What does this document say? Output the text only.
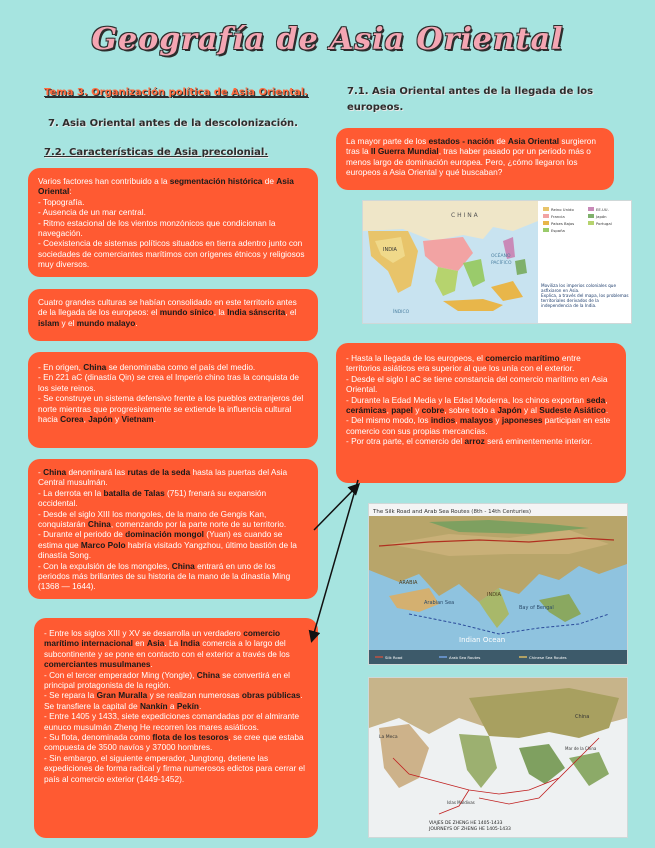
Geografía de Asia Oriental
Tema 3. Organización política de Asia Oriental.
7. Asia Oriental antes de la descolonización.
7.2. Características de Asia precolonial.
7.1. Asia Oriental antes de la llegada de los europeos.

La mayor parte de los estados - nación de Asia Oriental surgieron tras la II Guerra Mundial, tras haber pasado por un periodo más o menos largo de dominación europea. Pero, ¿cómo llegaron los europeos a Asia Oriental y qué buscaban?

Varios factores han contribuido a la segmentación histórica de Asia Oriental:

- Topografía.

- Ausencia de un mar central.

- Ritmo estacional de los vientos monzónicos que condicionan la navegación.

- Coexistencia de sistemas políticos situados en tierra adentro junto con sociedades de comerciantes marítimos con orígenes étnicos y religiosos muy diversos.

Cuatro grandes culturas se habían consolidado en este territorio antes de la llegada de los europeos: el mundo sínico, la India sánscrita, el islam y el mundo malayo.

- En origen, China se denominaba como el país del medio.

- En 221 aC (dinastía Qin) se crea el Imperio chino tras la conquista de los siete reinos.

- Se construye un sistema defensivo frente a los pueblos extranjeros del norte mientras que progresivamente se extiende la influencia cultural hacia Corea, Japón y Vietnam.

- China denominará las rutas de la seda hasta las puertas del Asia Central musulmán.

- La derrota en la batalla de Talas (751) frenará su expansión occidental.

- Desde el siglo XIII los mongoles, de la mano de Gengis Kan, conquistarán China, comenzando por la parte norte de su territorio.

- Durante el periodo de dominación mongol (Yuan) es cuando se estima que Marco Polo habría visitado Yangzhou, último bastión de la dinastía Song.

- Con la expulsión de los mongoles, China entrará en uno de los periodos más brillantes de su historia de la mano de la dinastía Ming (1368 — 1644).

- Entre los siglos XIII y XV se desarrolla un verdadero comercio marítimo internacional en Asia. La India comercia a lo largo del subcontinente y se pone en contacto con el exterior a través de los comerciantes musulmanes.

- Con el tercer emperador Ming (Yongle), China se convertirá en el principal protagonista de la región.

- Se repara la Gran Muralla y se realizan numerosas obras públicas. Se transfiere la capital de Nankín a Pekín.

- Entre 1405 y 1433, siete expediciones comandadas por el almirante eunuco musulmán Zheng He recorren los mares asiáticos.

- Su flota, denominada como flota de los tesoros, se cree que estaba compuesta de 3500 navíos y 37000 hombres.

- Sin embargo, el siguiente emperador, Jungtong, detiene las expediciones de forma radical y firma numerosos edictos para cerrar el país al comercio exterior (1449-1452).

- Hasta la llegada de los europeos, el comercio marítimo entre territorios asiáticos era superior al que los unía con el exterior.

- Desde el siglo I aC se tiene constancia del comercio marítimo en Asia Oriental.

- Durante la Edad Media y la Edad Moderna, los chinos exportan seda, cerámicas, papel y cobre, sobre todo a Japón y al Sudeste Asiático.

- Del mismo modo, los indios, malayos y japoneses participan en este comercio con sus propias mercancías.

- Por otra parte, el comercio del arroz será eminentemente interior.

C H I N A
INDIA
OCÉANO
PACÍFICO
ÍNDICO
Reino Unido
Francia
Países Bajos
España
EE.UU.
Japón
Portugal
Moviliza los imperios coloniales que asfixiaron en Asia.
Explica, a través del mapa, los problemas territoriales derivados de la independencia de la India.
The Silk Road and Arab Sea Routes (8th - 14th Centuries)
Arabian Sea
Bay of Bengal
Indian Ocean
ARABIA
INDIA
Silk Road	Arab Sea Routes	Chinese Sea Routes
La Meca
China
Mar de la China
Islas Maldivas
VIAJES DE ZHENG HE 1405-1433
JOURNEYS OF ZHENG HE 1405-1433
